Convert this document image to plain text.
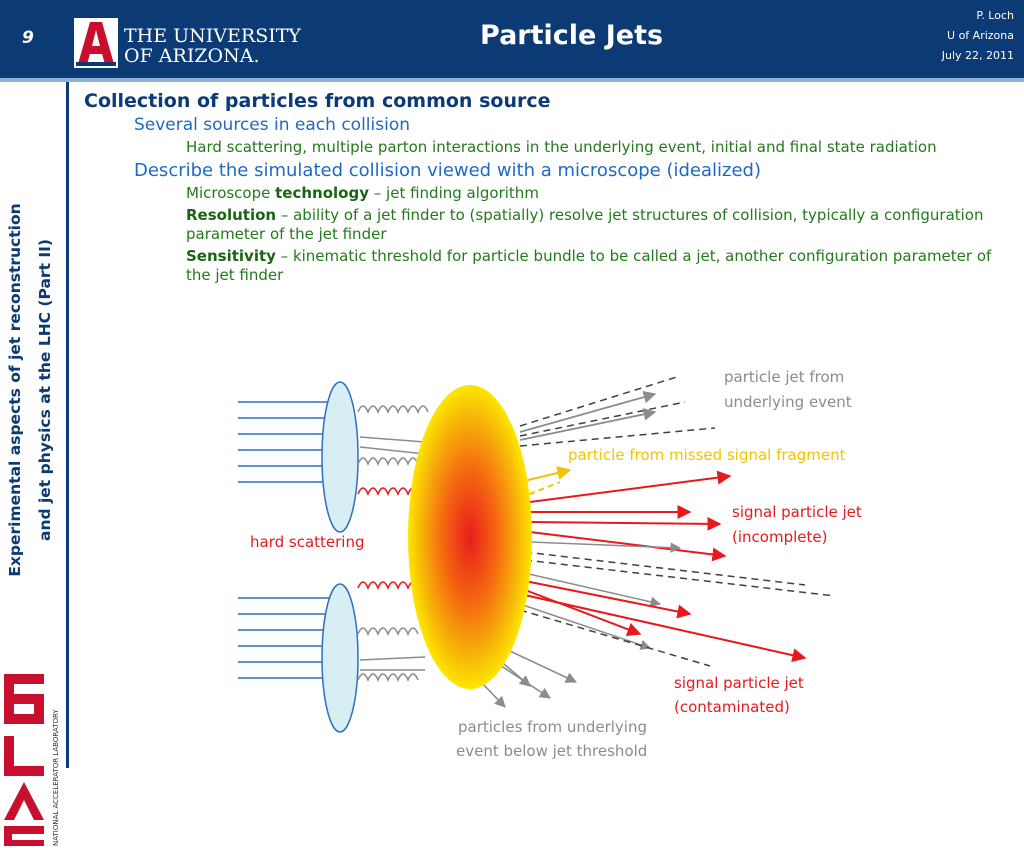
9	THE UNIVERSITY
OF ARIZONA.
Particle Jets
P. Loch
U of Arizona
July 22, 2011
Experimental aspects of jet reconstruction and jet physics at the LHC (Part II)
NATIONAL ACCELERATOR LABORATORY

Collection of particles from common source

Several sources in each collision

Hard scattering, multiple parton interactions in the underlying event, initial and final state radiation

Describe the simulated collision viewed with a microscope (idealized)

Microscope technology – jet finding algorithm

Resolution – ability of a jet finder to (spatially) resolve jet structures of collision, typically a configuration parameter of the jet finder

Sensitivity – kinematic threshold for particle bundle to be called a jet, another configuration parameter of the jet finder

particle jet from
underlying event
particle from missed signal fragment
signal particle jet
(incomplete)
hard scattering
signal particle jet
(contaminated)
particles from underlying
event below jet threshold
